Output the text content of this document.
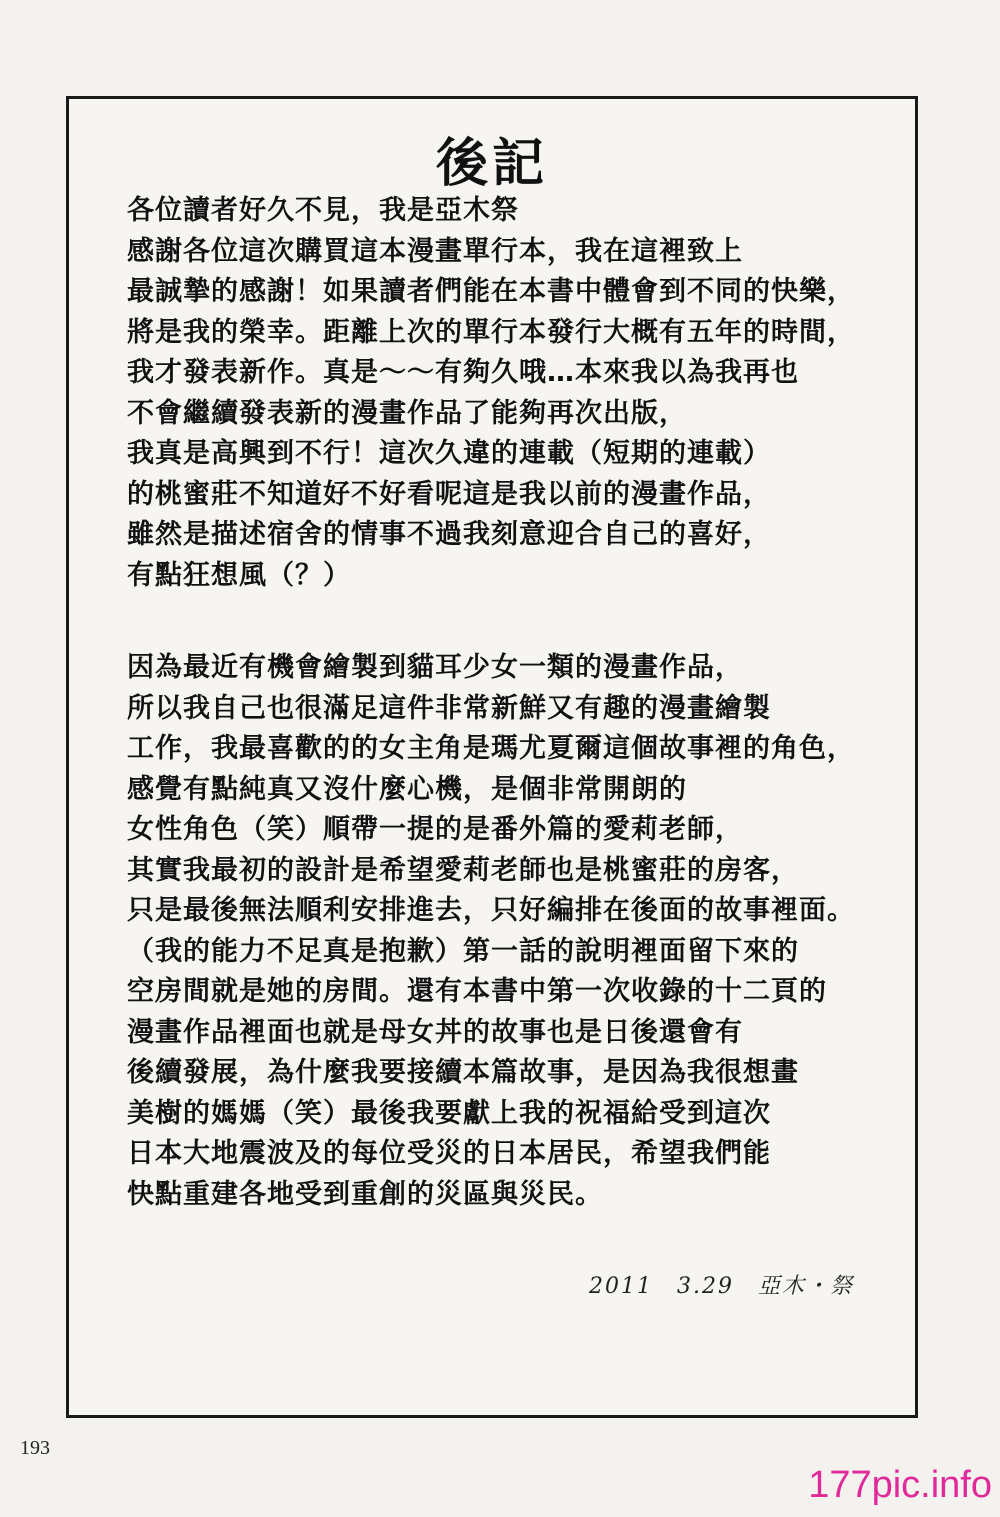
後記
各位讀者好久不見，我是亞木祭
感謝各位這次購買這本漫畫單行本，我在這裡致上
最誠摯的感謝！如果讀者們能在本書中體會到不同的快樂，
將是我的榮幸。距離上次的單行本發行大概有五年的時間，
我才發表新作。真是～～有夠久哦…本來我以為我再也
不會繼續發表新的漫畫作品了能夠再次出版，
我真是高興到不行！這次久違的連載（短期的連載）
的桃蜜莊不知道好不好看呢這是我以前的漫畫作品，
雖然是描述宿舍的情事不過我刻意迎合自己的喜好，
有點狂想風（？）
因為最近有機會繪製到貓耳少女一類的漫畫作品，
所以我自己也很滿足這件非常新鮮又有趣的漫畫繪製
工作，我最喜歡的的女主角是瑪尤夏爾這個故事裡的角色，
感覺有點純真又沒什麼心機，是個非常開朗的
女性角色（笑）順帶一提的是番外篇的愛莉老師，
其實我最初的設計是希望愛莉老師也是桃蜜莊的房客，
只是最後無法順利安排進去，只好編排在後面的故事裡面。
（我的能力不足真是抱歉）第一話的說明裡面留下來的
空房間就是她的房間。還有本書中第一次收錄的十二頁的
漫畫作品裡面也就是母女丼的故事也是日後還會有
後續發展，為什麼我要接續本篇故事，是因為我很想畫
美樹的媽媽（笑）最後我要獻上我的祝福給受到這次
日本大地震波及的每位受災的日本居民，希望我們能
快點重建各地受到重創的災區與災民。
2011　3.29　亞木・祭
193
177pic.info
